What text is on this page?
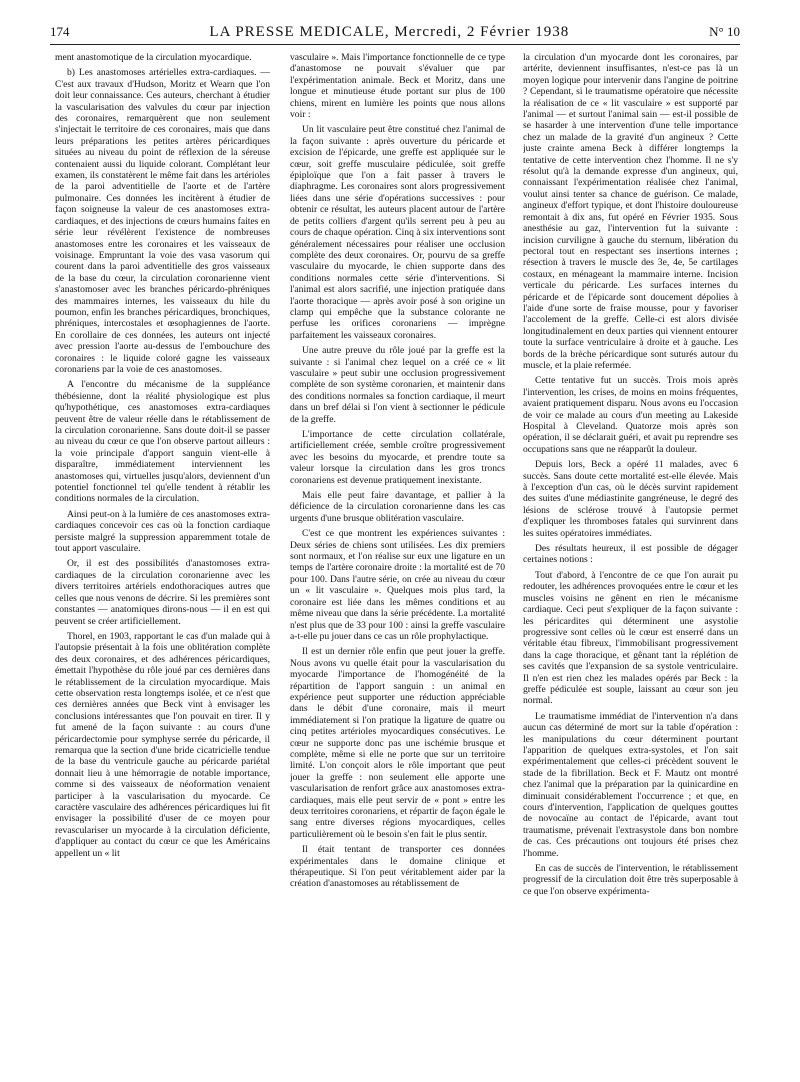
174	LA PRESSE MEDICALE, Mercredi, 2 Février 1938	N° 10

ment anastomotique de la circulation myocardique.

b) Les anastomoses artérielles extra-cardiaques. — C'est aux travaux d'Hudson, Moritz et Wearn que l'on doit leur connaissance. Ces auteurs, cherchant à étudier la vascularisation des valvules du cœur par injection des coronaires, remarquèrent que non seulement s'injectait le territoire de ces coronaires, mais que dans leurs préparations les petites artères péricardiques situées au niveau du point de réflexion de la séreuse contenaient aussi du liquide colorant. Complétant leur examen, ils constatèrent le même fait dans les artérioles de la paroi adventitielle de l'aorte et de l'artère pulmonaire. Ces données les incitèrent à étudier de façon soigneuse la valeur de ces anastomoses extra-cardiaques, et des injections de cœurs humains faites en série leur révélèrent l'existence de nombreuses anastomoses entre les coronaires et les vaisseaux de voisinage. Empruntant la voie des vasa vasorum qui courent dans la paroi adventitielle des gros vaisseaux de la base du cœur, la circulation coronarienne vient s'anastomoser avec les branches péricardo-phréniques des mammaires internes, les vaisseaux du hile du poumon, enfin les branches péricardiques, bronchiques, phréniques, intercostales et œsophagiennes de l'aorte. En corollaire de ces données, les auteurs ont injecté avec pression l'aorte au-dessus de l'embouchure des coronaires : le liquide coloré gagne les vaisseaux coronariens par la voie de ces anastomoses.

A l'encontre du mécanisme de la suppléance thébésienne, dont la réalité physiologique est plus qu'hypothétique, ces anastomoses extra-cardiaques peuvent être de valeur réelle dans le rétablissement de la circulation coronarienne. Sans doute doit-il se passer au niveau du cœur ce que l'on observe partout ailleurs : la voie principale d'apport sanguin vient-elle à disparaître, immédiatement interviennent les anastomoses qui, virtuelles jusqu'alors, deviennent d'un potentiel fonctionnel tel qu'elle tendent à rétablir les conditions normales de la circulation.

Ainsi peut-on à la lumière de ces anastomoses extra-cardiaques concevoir ces cas où la fonction cardiaque persiste malgré la suppression apparemment totale de tout apport vasculaire.

Or, il est des possibilités d'anastomoses extra-cardiaques de la circulation coronarienne avec les divers territoires artériels endothoraciques autres que celles que nous venons de décrire. Si les premières sont constantes — anatomiques dirons-nous — il en est qui peuvent se créer artificiellement.

Thorel, en 1903, rapportant le cas d'un malade qui à l'autopsie présentait à la fois une oblitération complète des deux coronaires, et des adhérences péricardiques, émettait l'hypothèse du rôle joué par ces dernières dans le rétablissement de la circulation myocardique. Mais cette observation resta longtemps isolée, et ce n'est que ces dernières années que Beck vint à envisager les conclusions intéressantes que l'on pouvait en tirer. Il y fut amené de la façon suivante : au cours d'une péricardectomie pour symphyse serrée du péricarde, il remarqua que la section d'une bride cicatricielle tendue de la base du ventricule gauche au péricarde pariétal donnait lieu à une hémorragie de notable importance, comme si des vaisseaux de néoformation venaient participer à la vascularisation du myocarde. Ce caractère vasculaire des adhérences péricardiques lui fit envisager la possibilité d'user de ce moyen pour revasculariser un myocarde à la circulation déficiente, d'appliquer au contact du cœur ce que les Américains appellent un « lit

vasculaire ». Mais l'importance fonctionnelle de ce type d'anastomose ne pouvait s'évaluer que par l'expérimentation animale. Beck et Moritz, dans une longue et minutieuse étude portant sur plus de 100 chiens, mirent en lumière les points que nous allons voir :

Un lit vasculaire peut être constitué chez l'animal de la façon suivante : après ouverture du péricarde et excision de l'épicarde, une greffe est appliquée sur le cœur, soit greffe musculaire pédiculée, soit greffe épiploïque que l'on a fait passer à travers le diaphragme. Les coronaires sont alors progressivement liées dans une série d'opérations successives : pour obtenir ce résultat, les auteurs placent autour de l'artère de petits colliers d'argent qu'ils serrent peu à peu au cours de chaque opération. Cinq à six interventions sont généralement nécessaires pour réaliser une occlusion complète des deux coronaires. Or, pourvu de sa greffe vasculaire du myocarde, le chien supporte dans des conditions normales cette série d'interventions. Si l'animal est alors sacrifié, une injection pratiquée dans l'aorte thoracique — après avoir posé à son origine un clamp qui empêche que la substance colorante ne perfuse les orifices coronariens — imprègne parfaitement les vaisseaux coronaires.

Une autre preuve du rôle joué par la greffe est la suivante : si l'animal chez lequel on a créé ce « lit vasculaire » peut subir une occlusion progressivement complète de son système coronarien, et maintenir dans des conditions normales sa fonction cardiaque, il meurt dans un bref délai si l'on vient à sectionner le pédicule de la greffe.

L'importance de cette circulation collatérale, artificiellement créée, semble croître progressivement avec les besoins du myocarde, et prendre toute sa valeur lorsque la circulation dans les gros troncs coronariens est devenue pratiquement inexistante.

Mais elle peut faire davantage, et pallier à la déficience de la circulation coronarienne dans les cas urgents d'une brusque oblitération vasculaire.

C'est ce que montrent les expériences suivantes : Deux séries de chiens sont utilisées. Les dix premiers sont normaux, et l'on réalise sur eux une ligature en un temps de l'artère coronaire droite : la mortalité est de 70 pour 100. Dans l'autre série, on crée au niveau du cœur un « lit vasculaire ». Quelques mois plus tard, la coronaire est liée dans les mêmes conditions et au même niveau que dans la série précédente. La mortalité n'est plus que de 33 pour 100 : ainsi la greffe vasculaire a-t-elle pu jouer dans ce cas un rôle prophylactique.

Il est un dernier rôle enfin que peut jouer la greffe. Nous avons vu quelle était pour la vascularisation du myocarde l'importance de l'homogénéité de la répartition de l'apport sanguin : un animal en expérience peut supporter une réduction appréciable dans le débit d'une coronaire, mais il meurt immédiatement si l'on pratique la ligature de quatre ou cinq petites artérioles myocardiques consécutives. Le cœur ne supporte donc pas une ischémie brusque et complète, même si elle ne porte que sur un territoire limité. L'on conçoit alors le rôle important que peut jouer la greffe : non seulement elle apporte une vascularisation de renfort grâce aux anastomoses extra-cardiaques, mais elle peut servir de « pont » entre les deux territoires coronariens, et répartir de façon égale le sang entre diverses régions myocardiques, celles particulièrement où le besoin s'en fait le plus sentir.

Il était tentant de transporter ces données expérimentales dans le domaine clinique et thérapeutique. Si l'on peut véritablement aider par la création d'anastomoses au rétablissement de

la circulation d'un myocarde dont les coronaires, par artérite, deviennent insuffisantes, n'est-ce pas là un moyen logique pour intervenir dans l'angine de poitrine ? Cependant, si le traumatisme opératoire que nécessite la réalisation de ce « lit vasculaire » est supporté par l'animal — et surtout l'animal sain — est-il possible de se hasarder à une intervention d'une telle importance chez un malade de la gravité d'un angineux ? Cette juste crainte amena Beck à différer longtemps la tentative de cette intervention chez l'homme. Il ne s'y résolut qu'à la demande expresse d'un angineux, qui, connaissant l'expérimentation réalisée chez l'animal, voulut ainsi tenter sa chance de guérison. Ce malade, angineux d'effort typique, et dont l'histoire douloureuse remontait à dix ans, fut opéré en Février 1935. Sous anesthésie au gaz, l'intervention fut la suivante : incision curviligne à gauche du sternum, libération du pectoral tout en respectant ses insertions internes ; résection à travers le muscle des 3e, 4e, 5e cartilages costaux, en ménageant la mammaire interne. Incision verticale du péricarde. Les surfaces internes du péricarde et de l'épicarde sont doucement dépolies à l'aide d'une sorte de fraise mousse, pour y favoriser l'accolement de la greffe. Celle-ci est alors divisée longitudinalement en deux parties qui viennent entourer toute la surface ventriculaire à droite et à gauche. Les bords de la brèche péricardique sont suturés autour du muscle, et la plaie refermée.

Cette tentative fut un succès. Trois mois après l'intervention, les crises, de moins en moins fréquentes, avaient pratiquement disparu. Nous avons eu l'occasion de voir ce malade au cours d'un meeting au Lakeside Hospital à Cleveland. Quatorze mois après son opération, il se déclarait guéri, et avait pu reprendre ses occupations sans que ne réapparût la douleur.

Depuis lors, Beck a opéré 11 malades, avec 6 succès. Sans doute cette mortalité est-elle élevée. Mais à l'exception d'un cas, où le décès survint rapidement des suites d'une médiastinite gangréneuse, le degré des lésions de sclérose trouvé à l'autopsie permet d'expliquer les thromboses fatales qui survinrent dans les suites opératoires immédiates.

Des résultats heureux, il est possible de dégager certaines notions :

Tout d'abord, à l'encontre de ce que l'on aurait pu redouter, les adhérences provoquées entre le cœur et les muscles voisins ne gênent en rien le mécanisme cardiaque. Ceci peut s'expliquer de la façon suivante : les péricardites qui déterminent une asystolie progressive sont celles où le cœur est enserré dans un véritable étau fibreux, l'immobilisant progressivement dans la cage thoracique, et gênant tant la réplétion de ses cavités que l'expansion de sa systole ventriculaire. Il n'en est rien chez les malades opérés par Beck : la greffe pédiculée est souple, laissant au cœur son jeu normal.

Le traumatisme immédiat de l'intervention n'a dans aucun cas déterminé de mort sur la table d'opération : les manipulations du cœur déterminent pourtant l'apparition de quelques extra-systoles, et l'on sait expérimentalement que celles-ci précèdent souvent le stade de la fibrillation. Beck et F. Mautz ont montré chez l'animal que la préparation par la quinicardine en diminuait considérablement l'occurrence ; et que, en cours d'intervention, l'application de quelques gouttes de novocaïne au contact de l'épicarde, avant tout traumatisme, prévenait l'extrasystole dans bon nombre de cas. Ces précautions ont toujours été prises chez l'homme.

En cas de succès de l'intervention, le rétablissement progressif de la circulation doit être très superposable à ce que l'on observe expérimenta-
